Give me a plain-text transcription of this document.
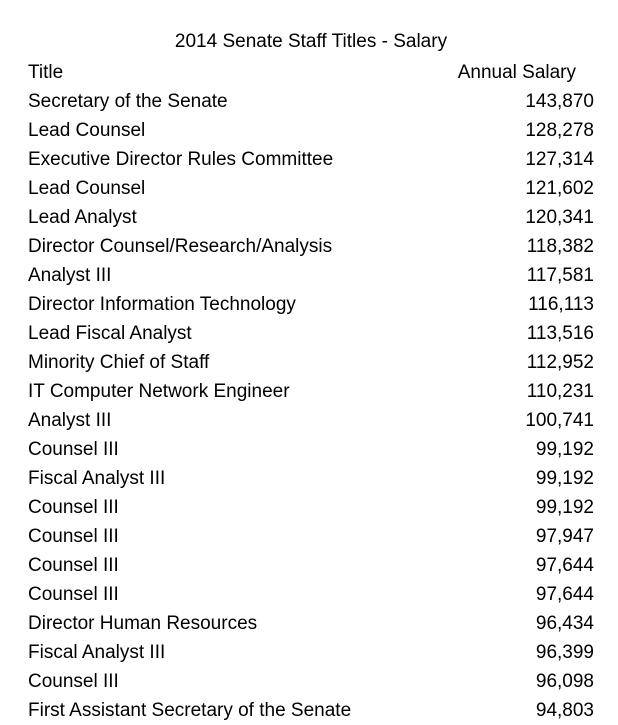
2014 Senate Staff Titles - Salary
Title	Annual Salary
Secretary of the Senate	143,870
Lead Counsel	128,278
Executive Director Rules Committee	127,314
Lead Counsel	121,602
Lead Analyst	120,341
Director Counsel/Research/Analysis	118,382
Analyst III	117,581
Director Information Technology	116,113
Lead Fiscal Analyst	113,516
Minority Chief of Staff	112,952
IT Computer Network Engineer	110,231
Analyst III	100,741
Counsel III	99,192
Fiscal Analyst III	99,192
Counsel III	99,192
Counsel III	97,947
Counsel III	97,644
Counsel III	97,644
Director Human Resources	96,434
Fiscal Analyst III	96,399
Counsel III	96,098
First Assistant Secretary of the Senate	94,803
